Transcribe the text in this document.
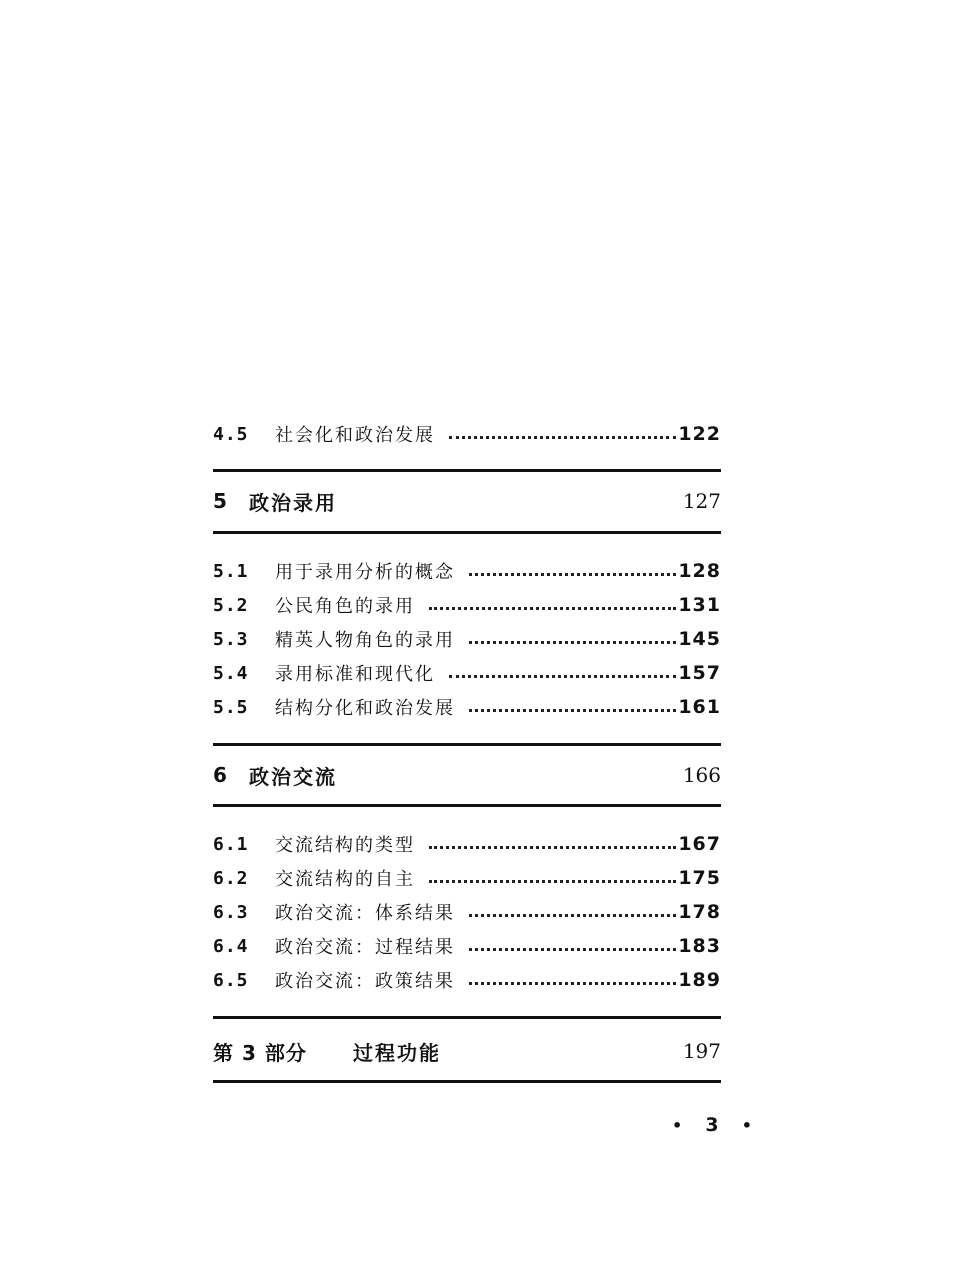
4.5	社会化和政治发展	122
5	政治录用	127
5.1	用于录用分析的概念	128
5.2	公民角色的录用	131
5.3	精英人物角色的录用	145
5.4	录用标准和现代化	157
5.5	结构分化和政治发展	161
6	政治交流	166
6.1	交流结构的类型	167
6.2	交流结构的自主	175
6.3	政治交流：体系结果	178
6.4	政治交流：过程结果	183
6.5	政治交流：政策结果	189
第 3 部分	过程功能	197
• 3 •
